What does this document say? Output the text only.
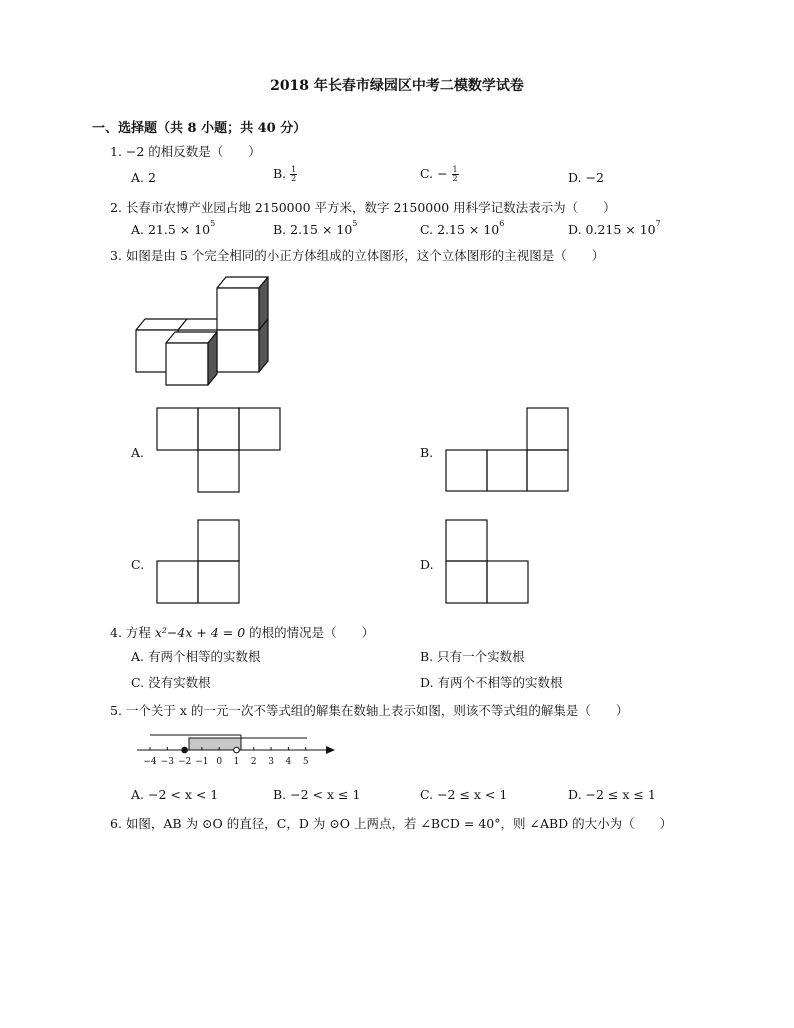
2018 年长春市绿园区中考二模数学试卷
一、选择题（共 8 小题；共 40 分）
1. −2 的相反数是（　　）
A. 2	B. $\frac{1}{2}$	C. − $\frac{1}{2}$	D. −2
2. 长春市农博产业园占地 2150000 平方米，数字 2150000 用科学记数法表示为（　　）
A. $21.5 \times 10^5$	B. $2.15 \times 10^5$	C. $2.15 \times 10^6$	D. $0.215 \times 10^7$
3. 如图是由 5 个完全相同的小正方体组成的立体图形，这个立体图形的主视图是（　　）
A.	B.
C.	D.
4. 方程 x²−4x + 4 = 0 的根的情况是（　　）
A. 有两个相等的实数根	B. 只有一个实数根
C. 没有实数根	D. 有两个不相等的实数根
5. 一个关于 x 的一元一次不等式组的解集在数轴上表示如图，则该不等式组的解集是（　　）
−4 −3 −2 −1 0 1 2 3 4 5
A. −2 < x < 1	B. −2 < x ≤ 1	C. −2 ≤ x < 1	D. −2 ≤ x ≤ 1
6. 如图，AB 为 ⊙O 的直径，C，D 为 ⊙O 上两点，若 ∠BCD = 40°，则 ∠ABD 的大小为（　　）
